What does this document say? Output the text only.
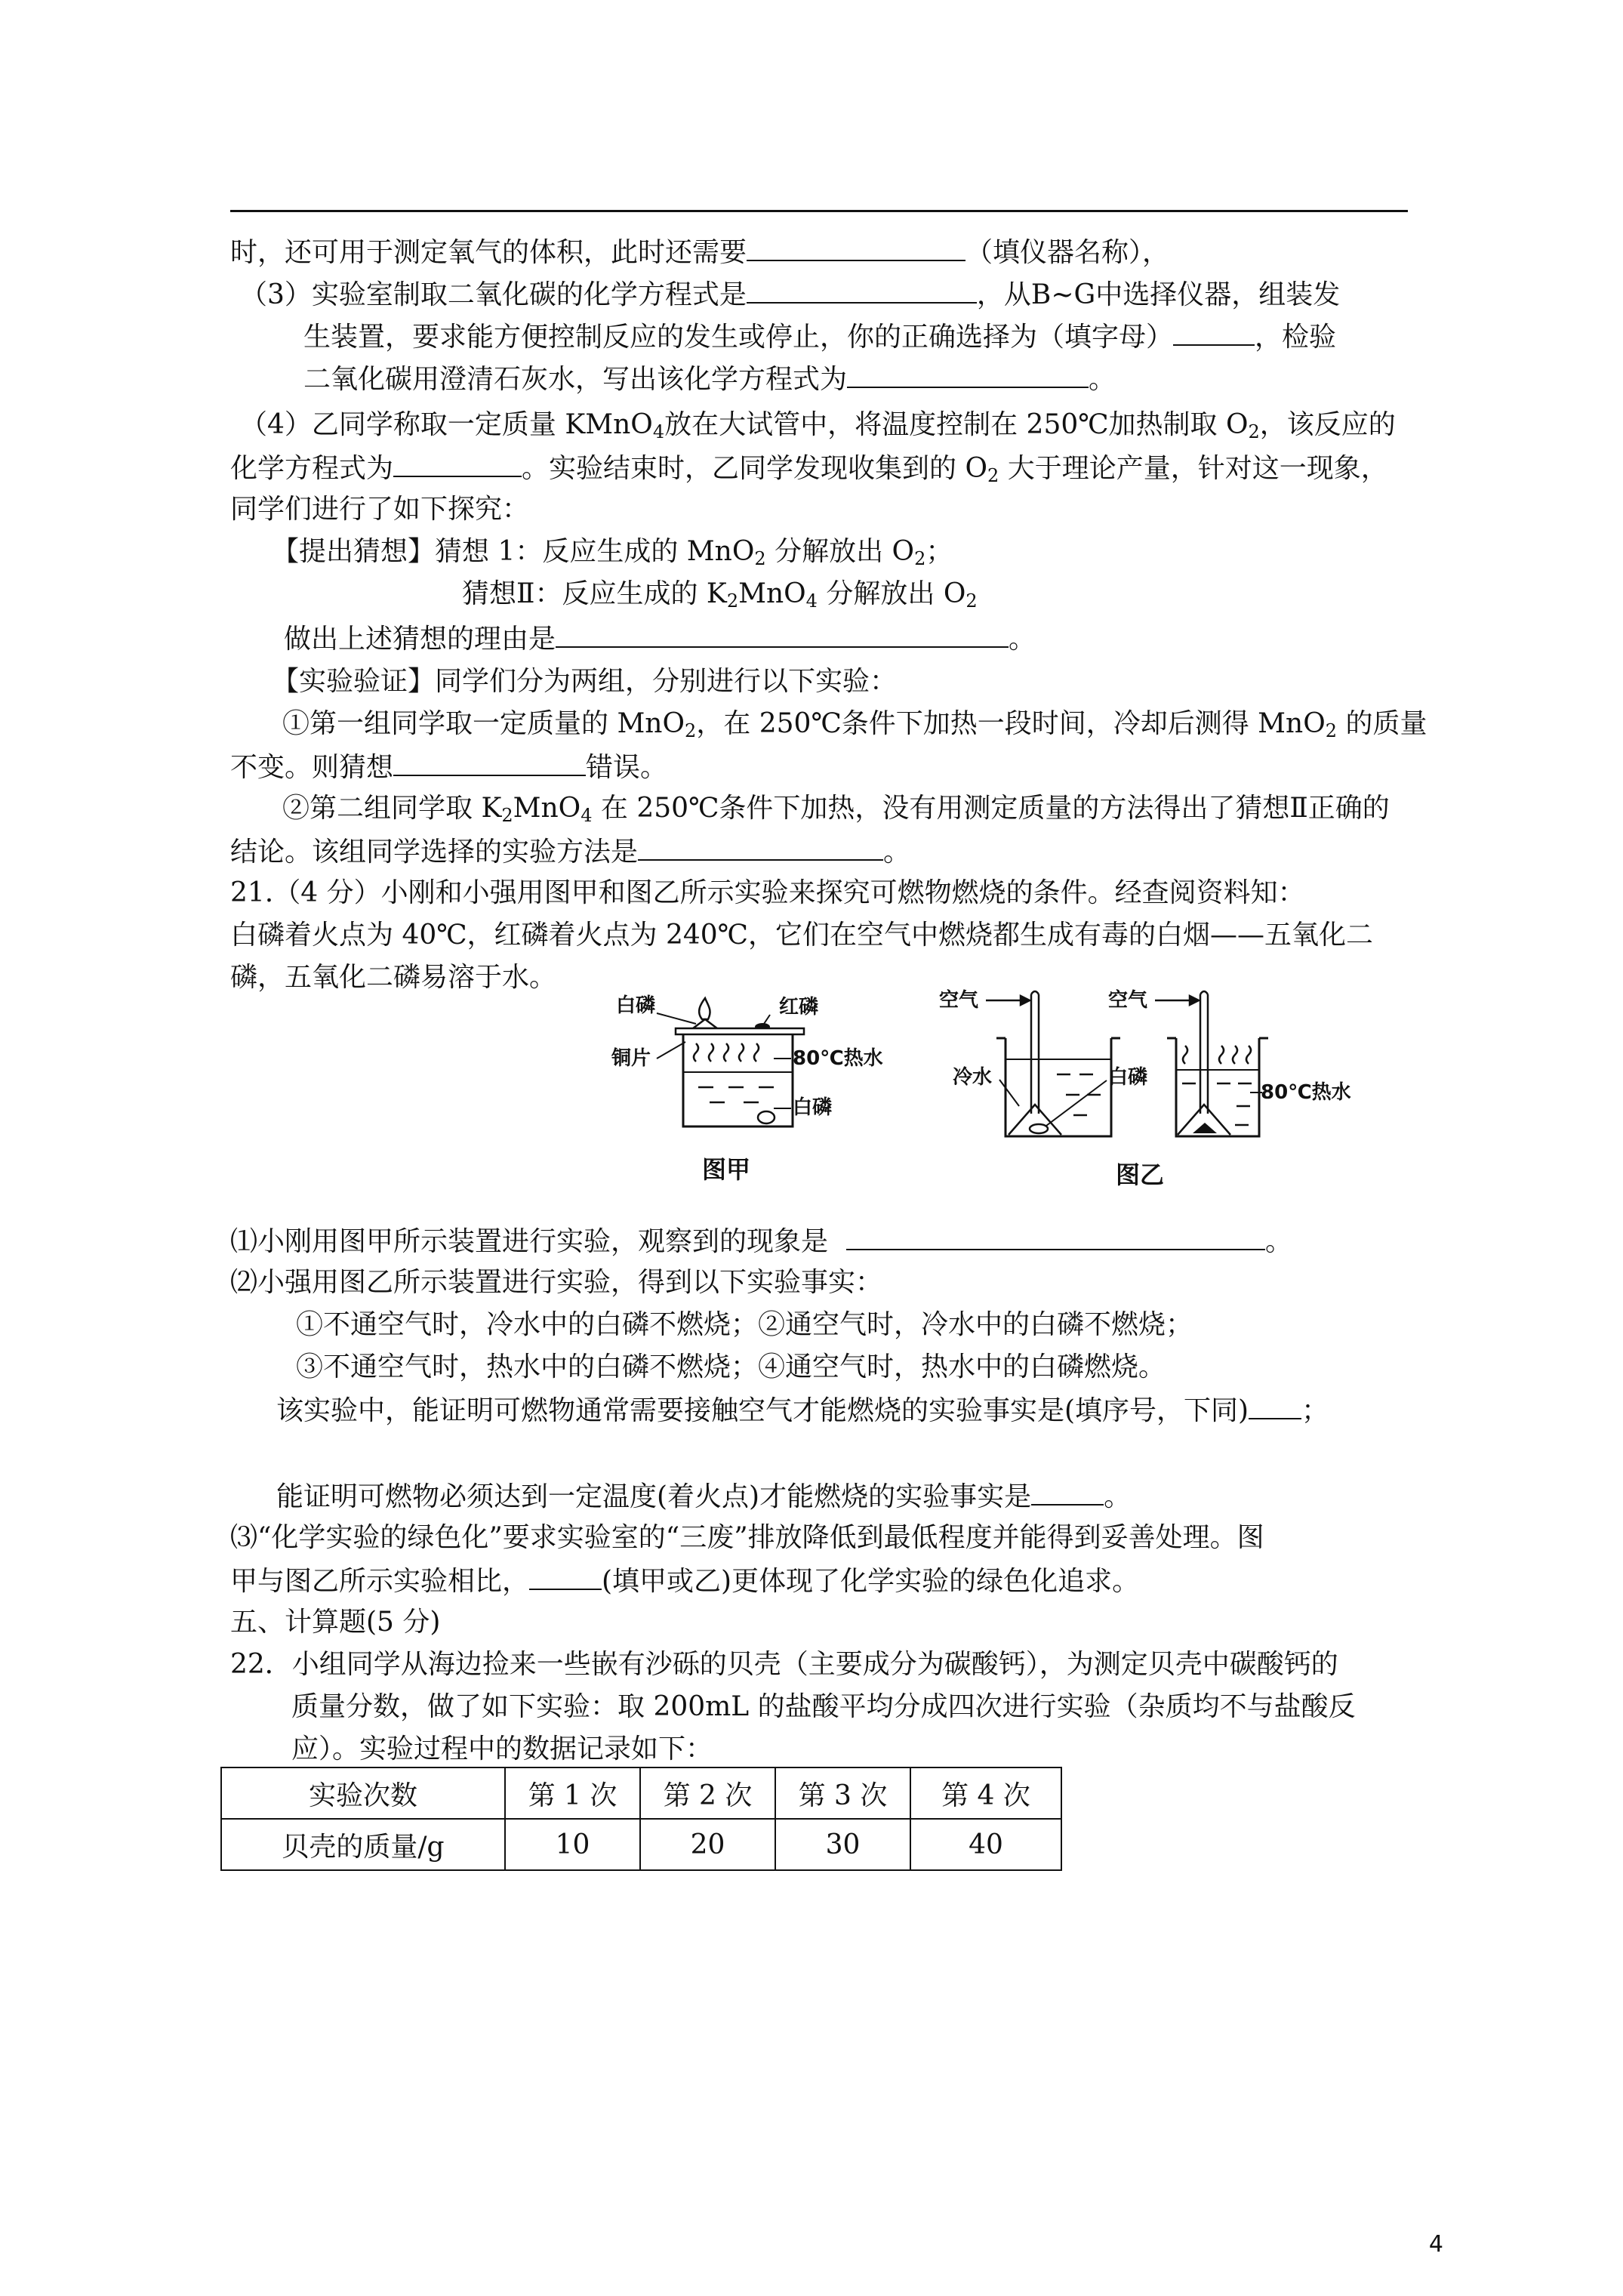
时，还可用于测定氧气的体积，此时还需要	（填仪器名称），
（3）实验室制取二氧化碳的化学方程式是	，从B~G中选择仪器，组装发
生装置，要求能方便控制反应的发生或停止，你的正确选择为（填字母）	，检验
二氧化碳用澄清石灰水，写出该化学方程式为	。
（4）乙同学称取一定质量 KMnO$_4$放在大试管中，将温度控制在 250℃加热制取 $O_2$，该反应的
化学方程式为	。实验结束时，乙同学发现收集到的 $O_2$ 大于理论产量，针对这一现象，
同学们进行了如下探究：
【提出猜想】猜想 1：反应生成的 MnO$_2$ 分解放出 $O_2$；
猜想Ⅱ：反应生成的 $K_2MnO_4$ 分解放出 $O_2$
做出上述猜想的理由是	。
【实验验证】同学们分为两组，分别进行以下实验：
①第一组同学取一定质量的 MnO$_2$，在 250℃条件下加热一段时间，冷却后测得 MnO$_2$ 的质量
不变。则猜想	错误。
②第二组同学取 $K_2MnO_4$ 在 250℃条件下加热，没有用测定质量的方法得出了猜想Ⅱ正确的
结论。该组同学选择的实验方法是	。
21.（4 分）小刚和小强用图甲和图乙所示实验来探究可燃物燃烧的条件。经查阅资料知：
白磷着火点为 40℃，红磷着火点为 240℃，它们在空气中燃烧都生成有毒的白烟——五氧化二
磷，五氧化二磷易溶于水。
白磷	红磷
铜片	80℃热水
白磷
图甲
空气	空气
冷水	白磷
80℃热水
图乙
⑴小刚用图甲所示装置进行实验，观察到的现象是	。
⑵小强用图乙所示装置进行实验，得到以下实验事实：
①不通空气时，冷水中的白磷不燃烧；②通空气时，冷水中的白磷不燃烧；
③不通空气时，热水中的白磷不燃烧；④通空气时，热水中的白磷燃烧。
该实验中，能证明可燃物通常需要接触空气才能燃烧的实验事实是(填序号，下同) ；
能证明可燃物必须达到一定温度(着火点)才能燃烧的实验事实是	。
⑶“化学实验的绿色化”要求实验室的“三废”排放降低到最低程度并能得到妥善处理。图
甲与图乙所示实验相比，	(填甲或乙)更体现了化学实验的绿色化追求。
五、计算题(5 分)
22．小组同学从海边捡来一些嵌有沙砾的贝壳（主要成分为碳酸钙），为测定贝壳中碳酸钙的
质量分数，做了如下实验：取 200mL 的盐酸平均分成四次进行实验（杂质均不与盐酸反
应）。实验过程中的数据记录如下：
实验次数	第 1 次	第 2 次	第 3 次	第 4 次
贝壳的质量/g	10	20	30	40
4
